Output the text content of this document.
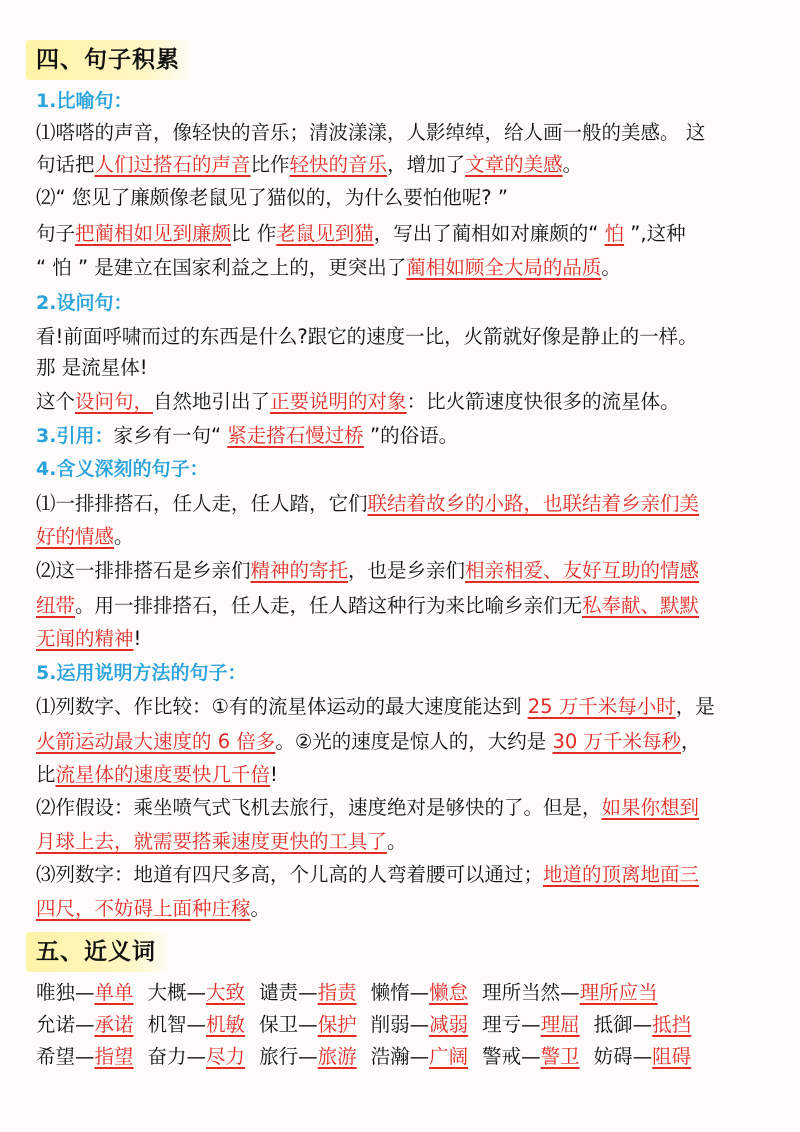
四、句子积累
1.比喻句：
⑴嗒嗒的声音，像轻快的音乐；清波漾漾，人影绰绰，给人画一般的美感。 这
句话把人们过搭石的声音比作轻快的音乐，增加了文章的美感。
⑵“ 您见了廉颇像老鼠见了猫似的，为什么要怕他呢? ”
句子把蔺相如见到廉颇比 作老鼠见到猫，写出了蔺相如对廉颇的“ 怕 ”,这种
“ 怕 ” 是建立在国家利益之上的，更突出了蔺相如顾全大局的品质。
2.设问句：
看!前面呼啸而过的东西是什么?跟它的速度一比，火箭就好像是静止的一样。
那 是流星体!
这个设问句，自然地引出了正要说明的对象：比火箭速度快很多的流星体。
3.引用：家乡有一句“ 紧走搭石慢过桥 ”的俗语。
4.含义深刻的句子：
⑴一排排搭石，任人走，任人踏，它们联结着故乡的小路，也联结着乡亲们美
好的情感。
⑵这一排排搭石是乡亲们精神的寄托，也是乡亲们相亲相爱、友好互助的情感
纽带。用一排排搭石，任人走，任人踏这种行为来比喻乡亲们无私奉献、默默
无闻的精神!
5.运用说明方法的句子：
⑴列数字、作比较：①有的流星体运动的最大速度能达到 25 万千米每小时，是
火箭运动最大速度的 6 倍多。②光的速度是惊人的，大约是 30 万千米每秒，
比流星体的速度要快几千倍!
⑵作假设：乘坐喷气式飞机去旅行，速度绝对是够快的了。但是，如果你想到
月球上去，就需要搭乘速度更快的工具了。
⑶列数字：地道有四尺多高，个儿高的人弯着腰可以通过；地道的顶离地面三
四尺，不妨碍上面种庄稼。
五、近义词
唯独—单单 大概—大致 谴责—指责 懒惰—懒怠 理所当然—理所应当
允诺—承诺 机智—机敏 保卫—保护 削弱—减弱 理亏—理屈 抵御—抵挡
希望—指望 奋力—尽力 旅行—旅游 浩瀚—广阔 警戒—警卫 妨碍—阻碍
